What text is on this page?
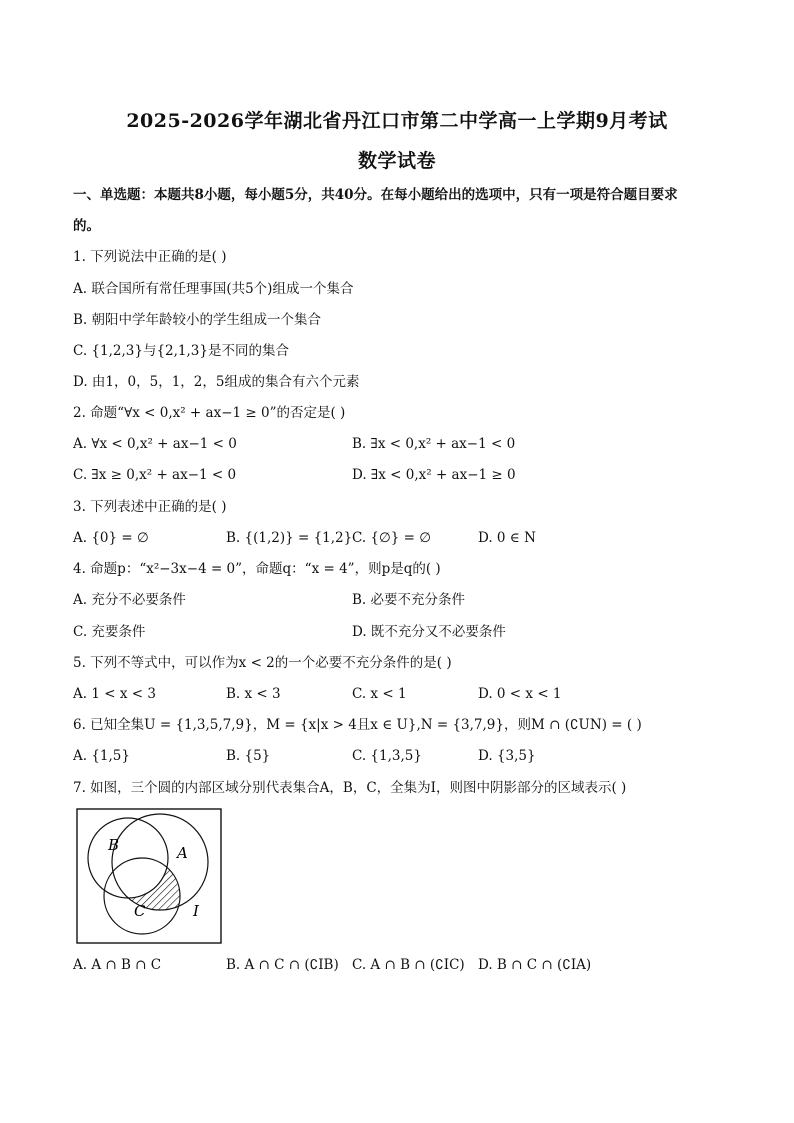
2025-2026学年湖北省丹江口市第二中学高一上学期9月考试
数学试卷
一、单选题：本题共8小题，每小题5分，共40分。在每小题给出的选项中，只有一项是符合题目要求
的。
1. 下列说法中正确的是( )
A. 联合国所有常任理事国(共5个)组成一个集合
B. 朝阳中学年龄较小的学生组成一个集合
C. {1,2,3}与{2,1,3}是不同的集合
D. 由1，0，5，1，2，5组成的集合有六个元素
2. 命题“∀x < 0,x² + ax−1 ≥ 0”的否定是( )
A. ∀x < 0,x² + ax−1 < 0	B. ∃x < 0,x² + ax−1 < 0
C. ∃x ≥ 0,x² + ax−1 < 0	D. ∃x < 0,x² + ax−1 ≥ 0
3. 下列表述中正确的是( )
A. {0} = ∅	B. {(1,2)} = {1,2} C. {∅} = ∅	D. 0 ∈ N
4. 命题p：“x²−3x−4 = 0”，命题q：“x = 4”，则p是q的( )
A. 充分不必要条件	B. 必要不充分条件
C. 充要条件	D. 既不充分又不必要条件
5. 下列不等式中，可以作为x < 2的一个必要不充分条件的是( )
A. 1 < x < 3	B. x < 3	C. x < 1	D. 0 < x < 1
6. 已知全集U = {1,3,5,7,9}，M = {x|x > 4且x ∈ U},N = {3,7,9}，则M ∩ (∁UN) = ( )
A. {1,5}	B. {5}	C. {1,3,5}	D. {3,5}
7. 如图，三个圆的内部区域分别代表集合A，B，C，全集为I，则图中阴影部分的区域表示( )
B	A
C	I
A. A ∩ B ∩ C	B. A ∩ C ∩ (∁IB) C. A ∩ B ∩ (∁IC) D. B ∩ C ∩ (∁IA)
